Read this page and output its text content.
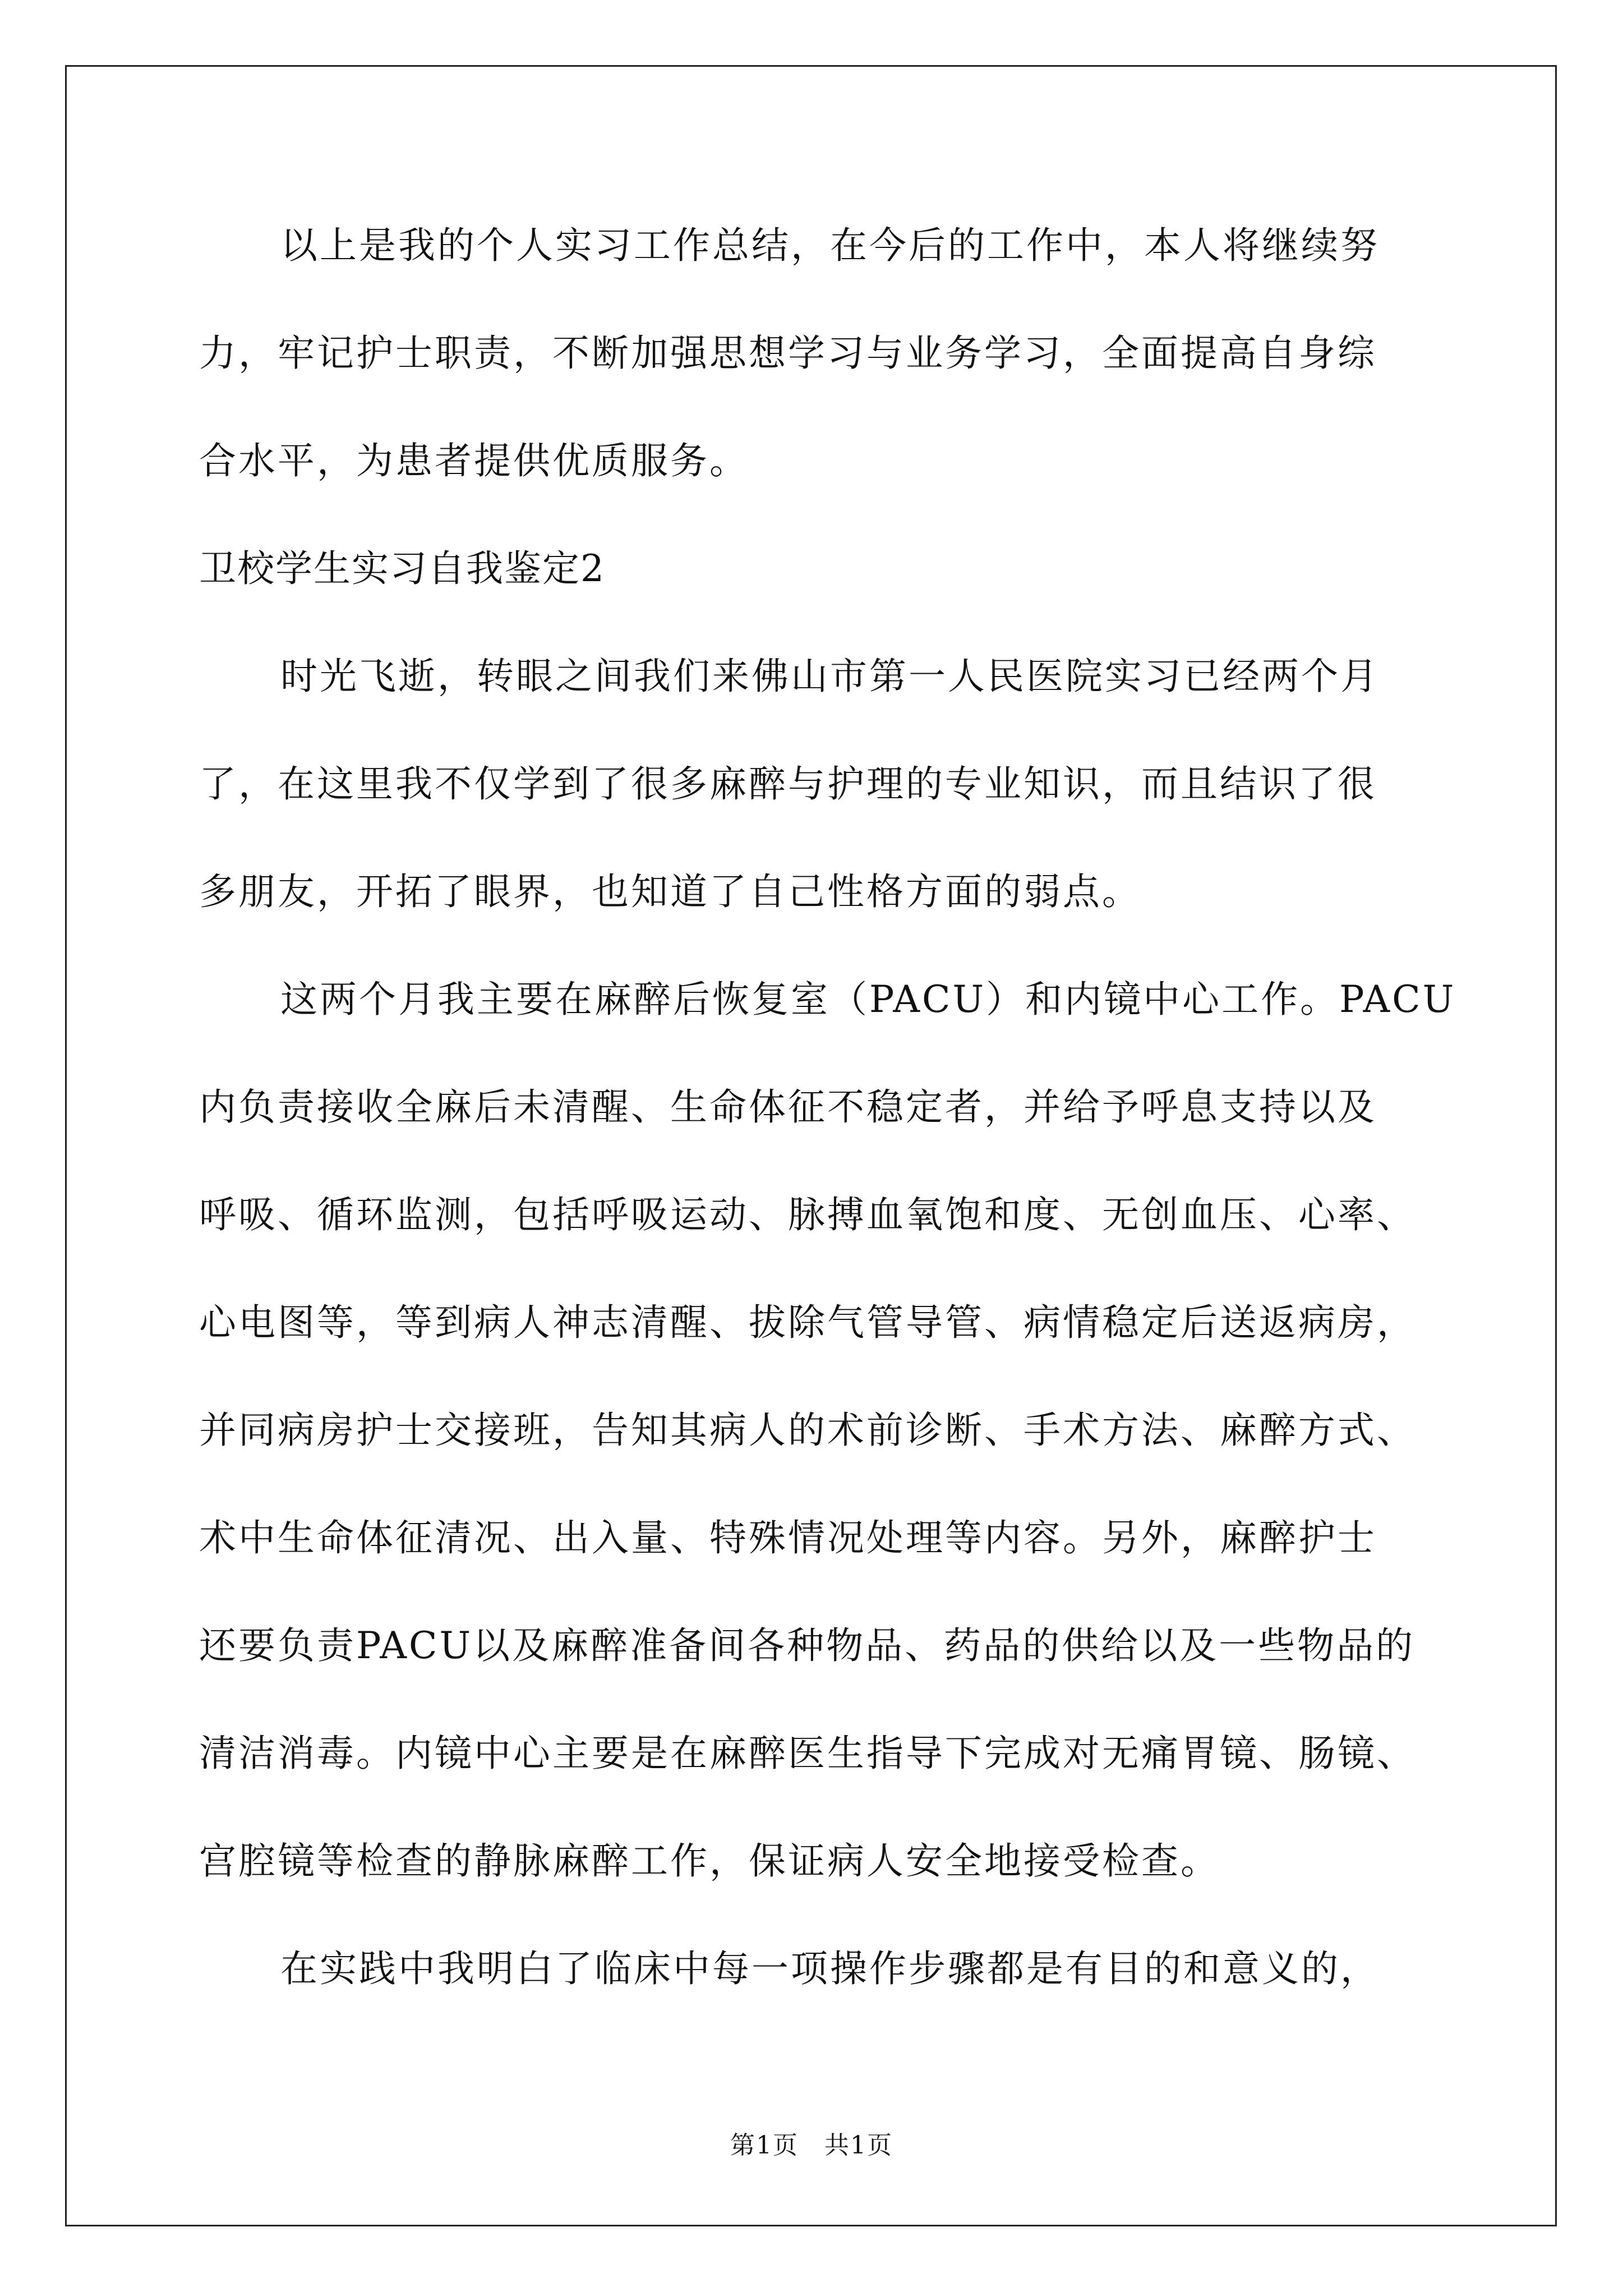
以上是我的个人实习工作总结，在今后的工作中，本人将继续努
力，牢记护士职责，不断加强思想学习与业务学习，全面提高自身综
合水平，为患者提供优质服务。
卫校学生实习自我鉴定2
时光飞逝，转眼之间我们来佛山市第一人民医院实习已经两个月
了，在这里我不仅学到了很多麻醉与护理的专业知识，而且结识了很
多朋友，开拓了眼界，也知道了自己性格方面的弱点。
这两个月我主要在麻醉后恢复室（PACU）和内镜中心工作。PACU
内负责接收全麻后未清醒、生命体征不稳定者，并给予呼息支持以及
呼吸、循环监测，包括呼吸运动、脉搏血氧饱和度、无创血压、心率、
心电图等，等到病人神志清醒、拔除气管导管、病情稳定后送返病房，
并同病房护士交接班，告知其病人的术前诊断、手术方法、麻醉方式、
术中生命体征清况、出入量、特殊情况处理等内容。另外，麻醉护士
还要负责PACU以及麻醉准备间各种物品、药品的供给以及一些物品的
清洁消毒。内镜中心主要是在麻醉医生指导下完成对无痛胃镜、肠镜、
宫腔镜等检查的静脉麻醉工作，保证病人安全地接受检查。
在实践中我明白了临床中每一项操作步骤都是有目的和意义的，
第1页　共1页
